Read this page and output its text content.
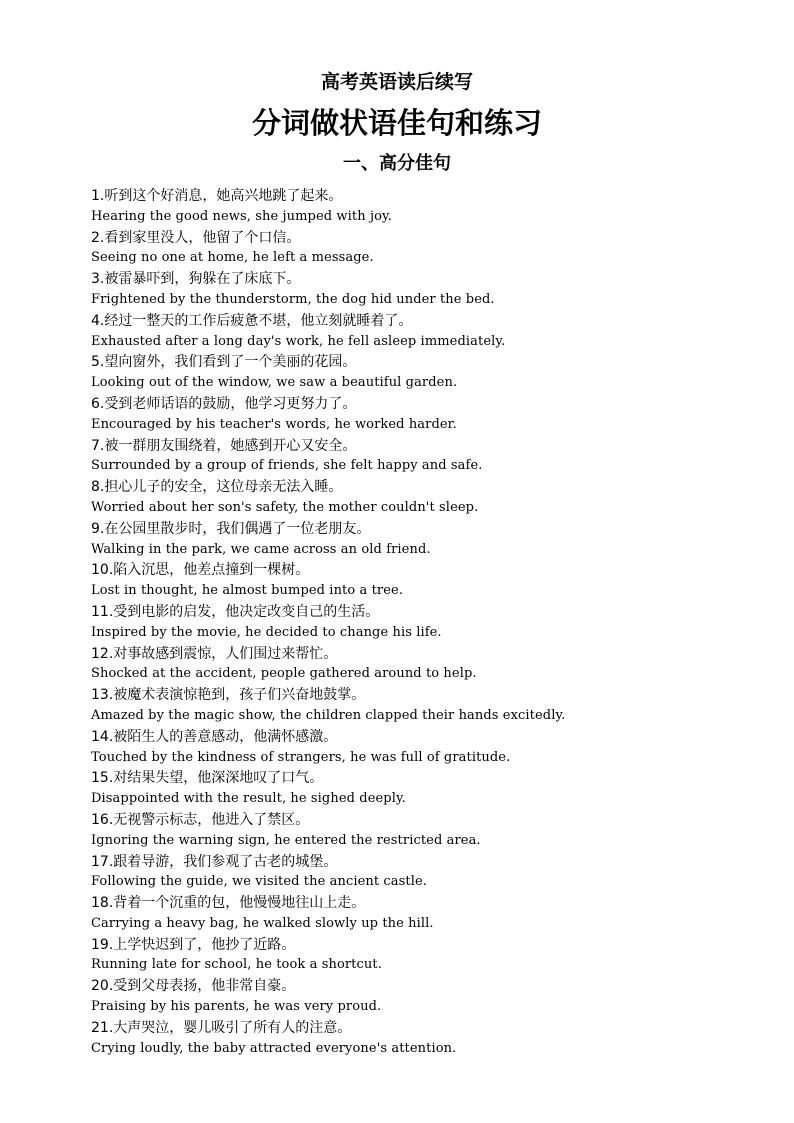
高考英语读后续写
分词做状语佳句和练习
一、高分佳句
1.听到这个好消息，她高兴地跳了起来。
Hearing the good news, she jumped with joy.
2.看到家里没人，他留了个口信。
Seeing no one at home, he left a message.
3.被雷暴吓到，狗躲在了床底下。
Frightened by the thunderstorm, the dog hid under the bed.
4.经过一整天的工作后疲惫不堪，他立刻就睡着了。
Exhausted after a long day's work, he fell asleep immediately.
5.望向窗外，我们看到了一个美丽的花园。
Looking out of the window, we saw a beautiful garden.
6.受到老师话语的鼓励，他学习更努力了。
Encouraged by his teacher's words, he worked harder.
7.被一群朋友围绕着，她感到开心又安全。
Surrounded by a group of friends, she felt happy and safe.
8.担心儿子的安全，这位母亲无法入睡。
Worried about her son's safety, the mother couldn't sleep.
9.在公园里散步时，我们偶遇了一位老朋友。
Walking in the park, we came across an old friend.
10.陷入沉思，他差点撞到一棵树。
Lost in thought, he almost bumped into a tree.
11.受到电影的启发，他决定改变自己的生活。
Inspired by the movie, he decided to change his life.
12.对事故感到震惊，人们围过来帮忙。
Shocked at the accident, people gathered around to help.
13.被魔术表演惊艳到，孩子们兴奋地鼓掌。
Amazed by the magic show, the children clapped their hands excitedly.
14.被陌生人的善意感动，他满怀感激。
Touched by the kindness of strangers, he was full of gratitude.
15.对结果失望，他深深地叹了口气。
Disappointed with the result, he sighed deeply.
16.无视警示标志，他进入了禁区。
Ignoring the warning sign, he entered the restricted area.
17.跟着导游，我们参观了古老的城堡。
Following the guide, we visited the ancient castle.
18.背着一个沉重的包，他慢慢地往山上走。
Carrying a heavy bag, he walked slowly up the hill.
19.上学快迟到了，他抄了近路。
Running late for school, he took a shortcut.
20.受到父母表扬，他非常自豪。
Praising by his parents, he was very proud.
21.大声哭泣，婴儿吸引了所有人的注意。
Crying loudly, the baby attracted everyone's attention.
